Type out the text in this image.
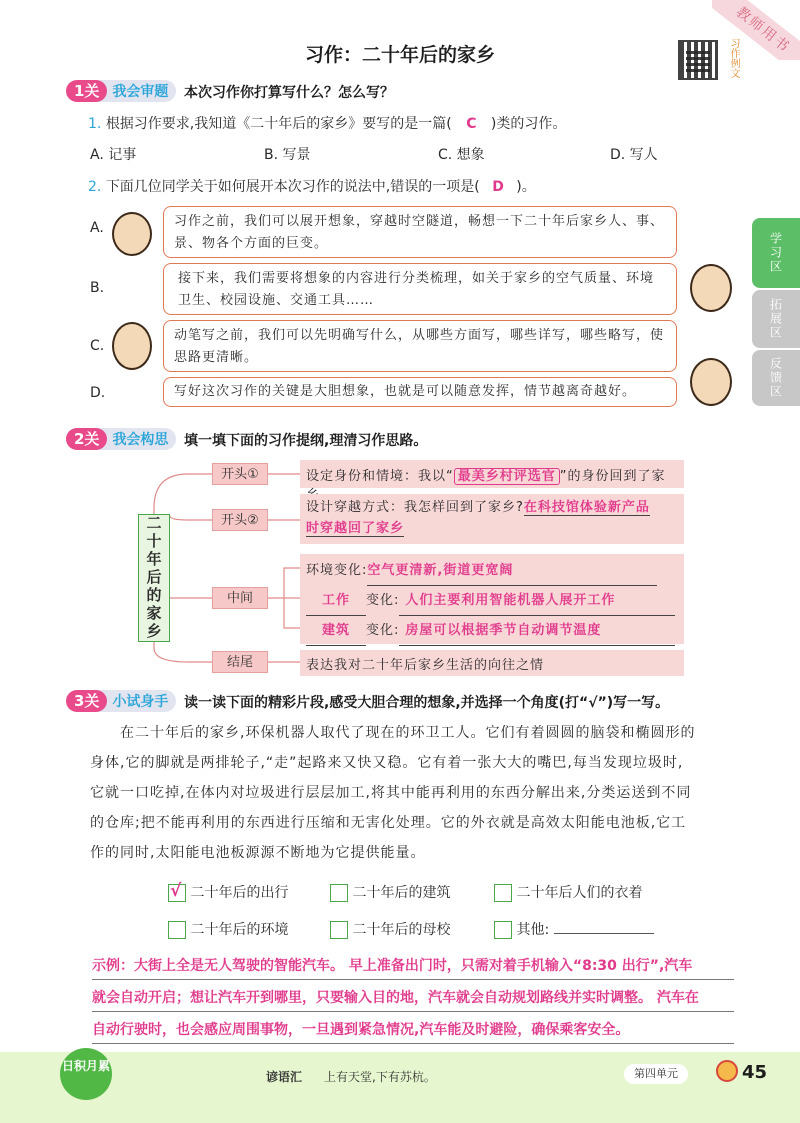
教师用书
习作：二十年后的家乡	习作例文
1关 我会审题	本次习作你打算写什么？怎么写？
1. 根据习作要求,我知道《二十年后的家乡》要写的是一篇( C )类的习作。
A. 记事	B. 写景	C. 想象	D. 写人
2. 下面几位同学关于如何展开本次习作的说法中,错误的一项是( D )。
A.	习作之前，我们可以展开想象，穿越时空隧道，畅想一下二十年后家乡人、事、景、物各个方面的巨变。
B.
接下来，我们需要将想象的内容进行分类梳理，如关于家乡的空气质量、环境卫生、校园设施、交通工具……
C.
动笔写之前，我们可以先明确写什么，从哪些方面写，哪些详写，哪些略写，使思路更清晰。
D.	写好这次习作的关键是大胆想象，也就是可以随意发挥，情节越离奇越好。
学习区
拓展区
反馈区
2关 我会构思	填一填下面的习作提纲,理清习作思路。
二十年后的家乡
开头①
开头②
中间
结尾
设定身份和情境：我以“ 最美乡村评选官 ”的身份回到了家
设计穿越方式：我怎样回到了家乡?在科技馆体验新产品
时穿越回了家乡
环境变化:空气更清新,街道更宽阔
工作 变化: 人们主要利用智能机器人展开工作
建筑 变化: 房屋可以根据季节自动调节温度
表达我对二十年后家乡生活的向往之情
3关 小试身手	读一读下面的精彩片段,感受大胆合理的想象,并选择一个角度(打“√”)写一写。
在二十年后的家乡,环保机器人取代了现在的环卫工人。它们有着圆圆的脑袋和椭圆形的
身体,它的脚就是两排轮子,“走”起路来又快又稳。它有着一张大大的嘴巴,每当发现垃圾时,
它就一口吃掉,在体内对垃圾进行层层加工,将其中能再利用的东西分解出来,分类运送到不同
的仓库;把不能再利用的东西进行压缩和无害化处理。它的外衣就是高效太阳能电池板,它工
作的同时,太阳能电池板源源不断地为它提供能量。
√ 二十年后的出行	二十年后的建筑	二十年后人们的衣着
二十年后的环境	二十年后的母校	其他:
示例：大街上全是无人驾驶的智能汽车。 早上准备出门时，只需对着手机输入“8:30 出行”,汽车
就会自动开启；想让汽车开到哪里，只要输入目的地，汽车就会自动规划路线并实时调整。 汽车在
自动行驶时，也会感应周围事物，一旦遇到紧急情况,汽车能及时避险，确保乘客安全。
日积月累
谚语汇 上有天堂,下有苏杭。	第四单元	45
